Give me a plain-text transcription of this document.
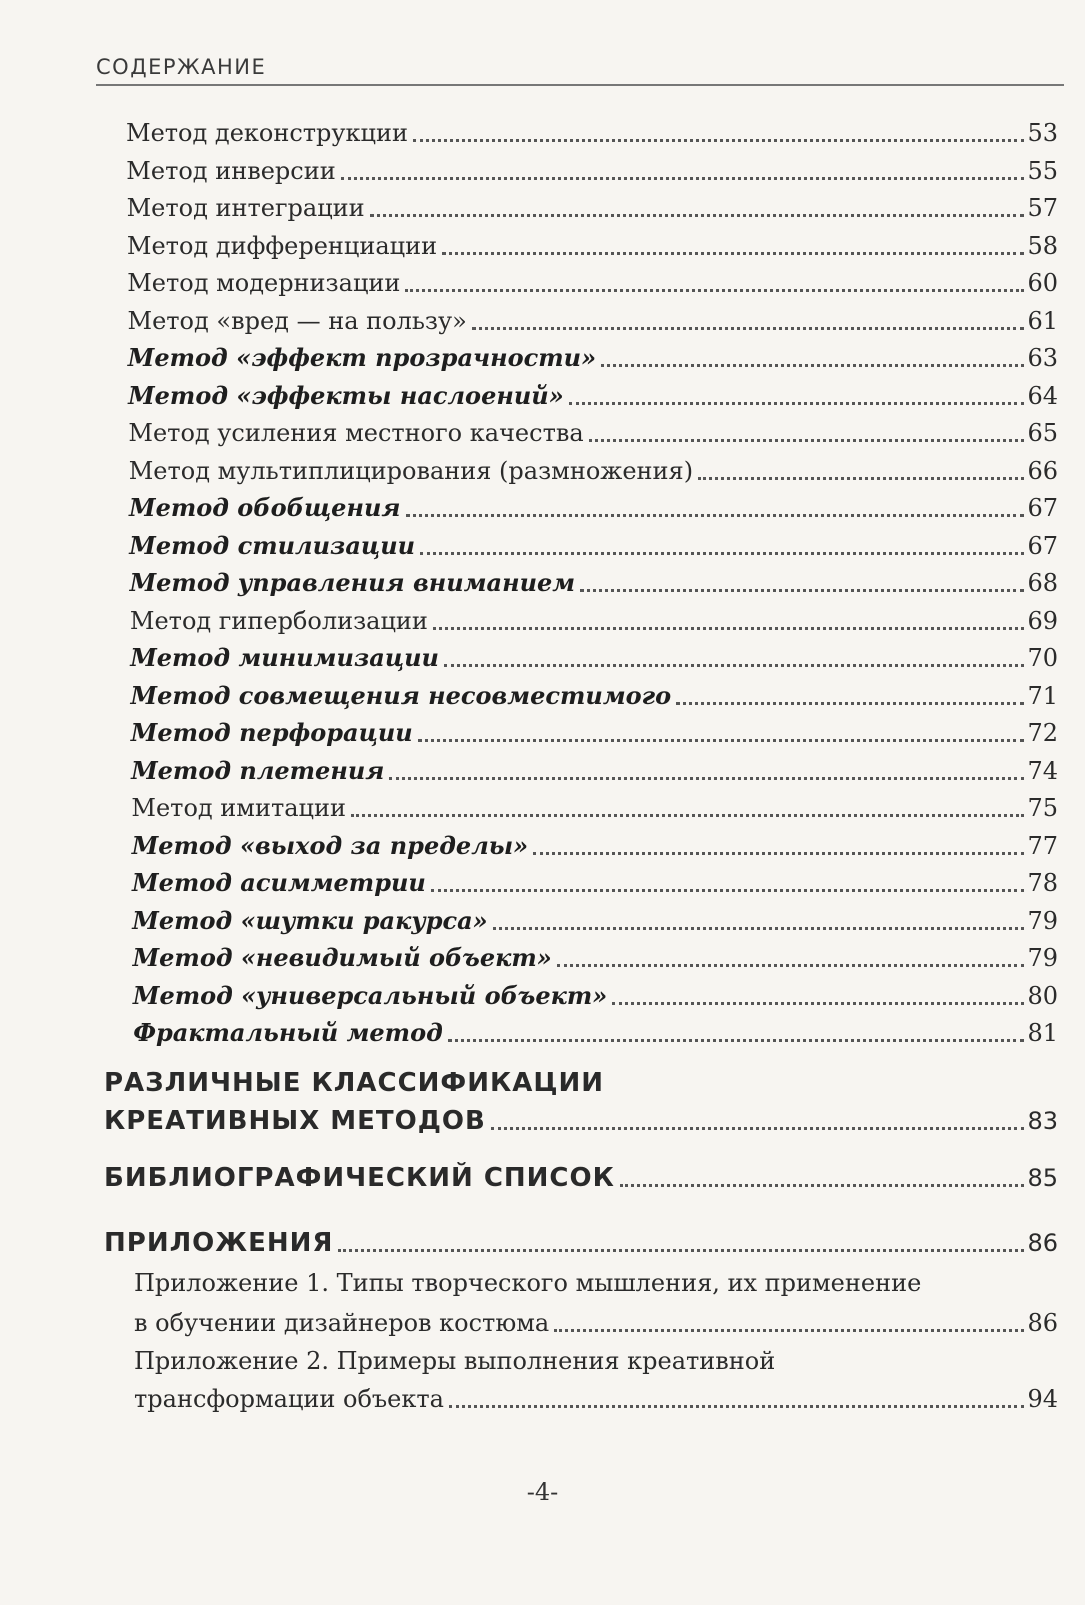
СОДЕРЖАНИЕ
Метод деконструкции	53
Метод инверсии	55
Метод интеграции	57
Метод дифференциации	58
Метод модернизации	60
Метод «вред — на пользу»	61
Метод «эффект прозрачности»	63
Метод «эффекты наслоений»	64
Метод усиления местного качества	65
Метод мультиплицирования (размножения)	66
Метод обобщения	67
Метод стилизации	67
Метод управления вниманием	68
Метод гиперболизации	69
Метод минимизации	70
Метод совмещения несовместимого	71
Метод перфорации	72
Метод плетения	74
Метод имитации	75
Метод «выход за пределы»	77
Метод асимметрии	78
Метод «шутки ракурса»	79
Метод «невидимый объект»	79
Метод «универсальный объект»	80
Фрактальный метод	81
РАЗЛИЧНЫЕ КЛАССИФИКАЦИИ
КРЕАТИВНЫХ МЕТОДОВ	83
БИБЛИОГРАФИЧЕСКИЙ СПИСОК	85
ПРИЛОЖЕНИЯ	86
Приложение 1. Типы творческого мышления, их применение
в обучении дизайнеров костюма	86
Приложение 2. Примеры выполнения креативной
трансформации объекта	94
-4-
